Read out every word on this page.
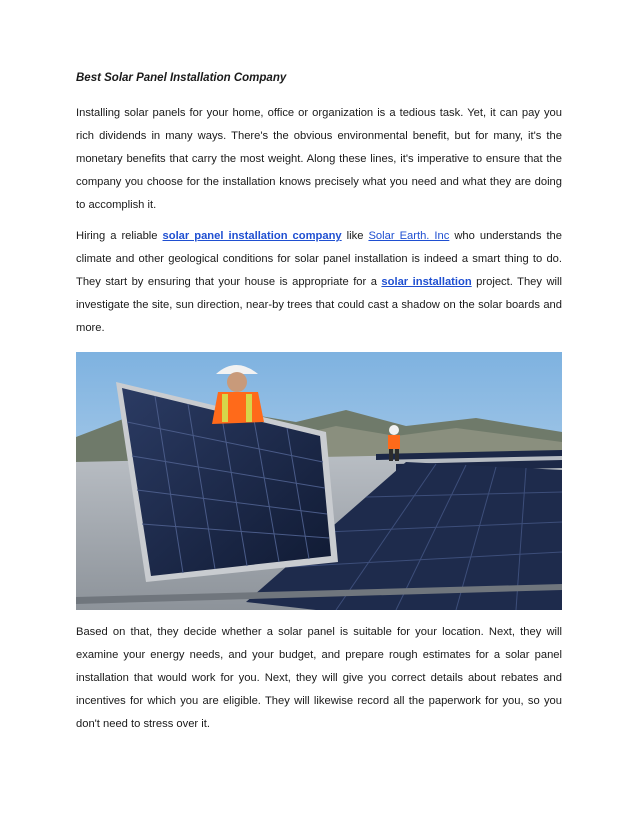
Best Solar Panel Installation Company

Installing solar panels for your home, office or organization is a tedious task. Yet, it can pay you rich dividends in many ways. There's the obvious environmental benefit, but for many, it's the monetary benefits that carry the most weight. Along these lines, it's imperative to ensure that the company you choose for the installation knows precisely what you need and what they are doing to accomplish it.

Hiring a reliable solar panel installation company like Solar Earth. Inc who understands the climate and other geological conditions for solar panel installation is indeed a smart thing to do. They start by ensuring that your house is appropriate for a solar installation project. They will investigate the site, sun direction, near-by trees that could cast a shadow on the solar boards and more.

Based on that, they decide whether a solar panel is suitable for your location. Next, they will examine your energy needs, and your budget, and prepare rough estimates for a solar panel installation that would work for you. Next, they will give you correct details about rebates and incentives for which you are eligible. They will likewise record all the paperwork for you, so you don't need to stress over it.
